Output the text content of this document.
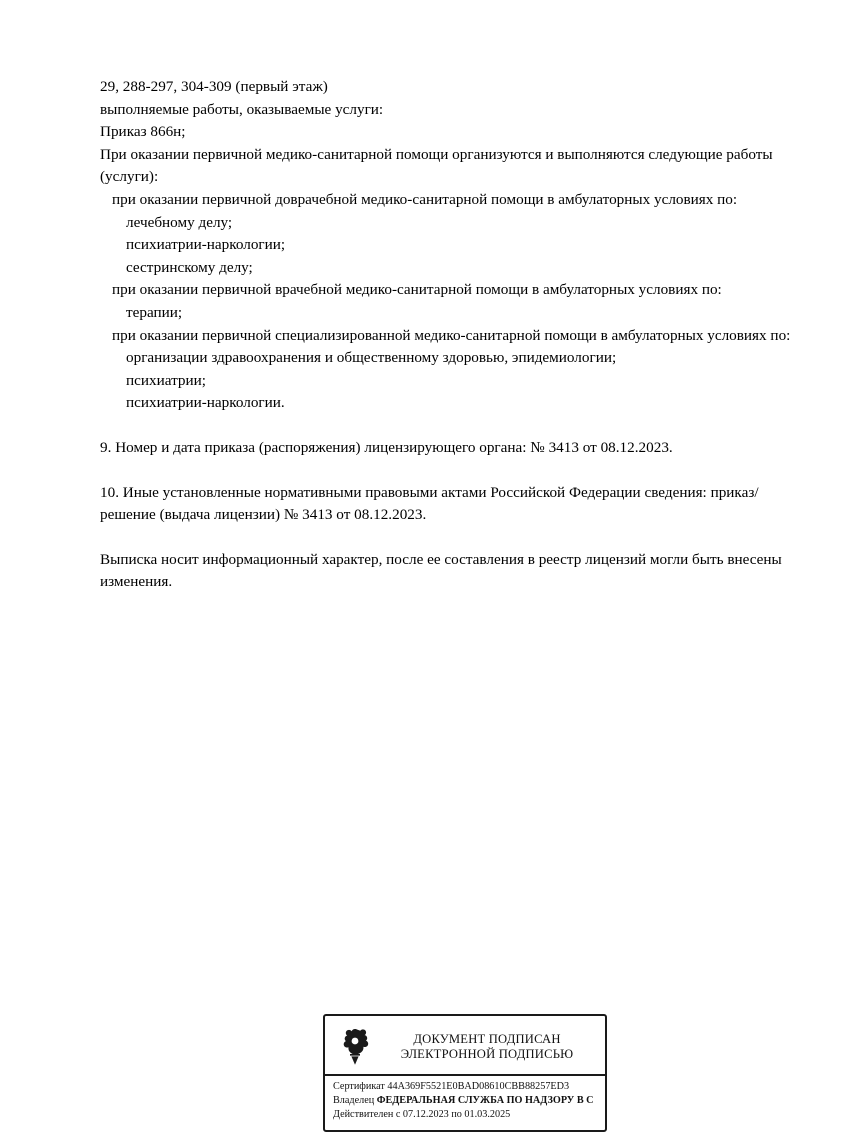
29, 288-297, 304-309 (первый этаж)

выполняемые работы, оказываемые услуги:

Приказ 866н;

При оказании первичной медико-санитарной помощи организуются и выполняются следующие работы (услуги):

при оказании первичной доврачебной медико-санитарной помощи в амбулаторных условиях по:

лечебному делу;

психиатрии-наркологии;

сестринскому делу;

при оказании первичной врачебной медико-санитарной помощи в амбулаторных условиях по:

терапии;

при оказании первичной специализированной медико-санитарной помощи в амбулаторных условиях по:

организации здравоохранения и общественному здоровью, эпидемиологии;

психиатрии;

психиатрии-наркологии.

9. Номер и дата приказа (распоряжения) лицензирующего органа: № 3413 от 08.12.2023.

10. Иные установленные нормативными правовыми актами Российской Федерации сведения: приказ/решение (выдача лицензии) № 3413 от 08.12.2023.

Выписка носит информационный характер, после ее составления в реестр лицензий могли быть внесены изменения.

ДОКУМЕНТ ПОДПИСАН
ЭЛЕКТРОННОЙ ПОДПИСЬЮ
Сертификат 44A369F5521E0BAD08610CBB88257ED3
Владелец ФЕДЕРАЛЬНАЯ СЛУЖБА ПО НАДЗОРУ В С
Действителен с 07.12.2023 по 01.03.2025
